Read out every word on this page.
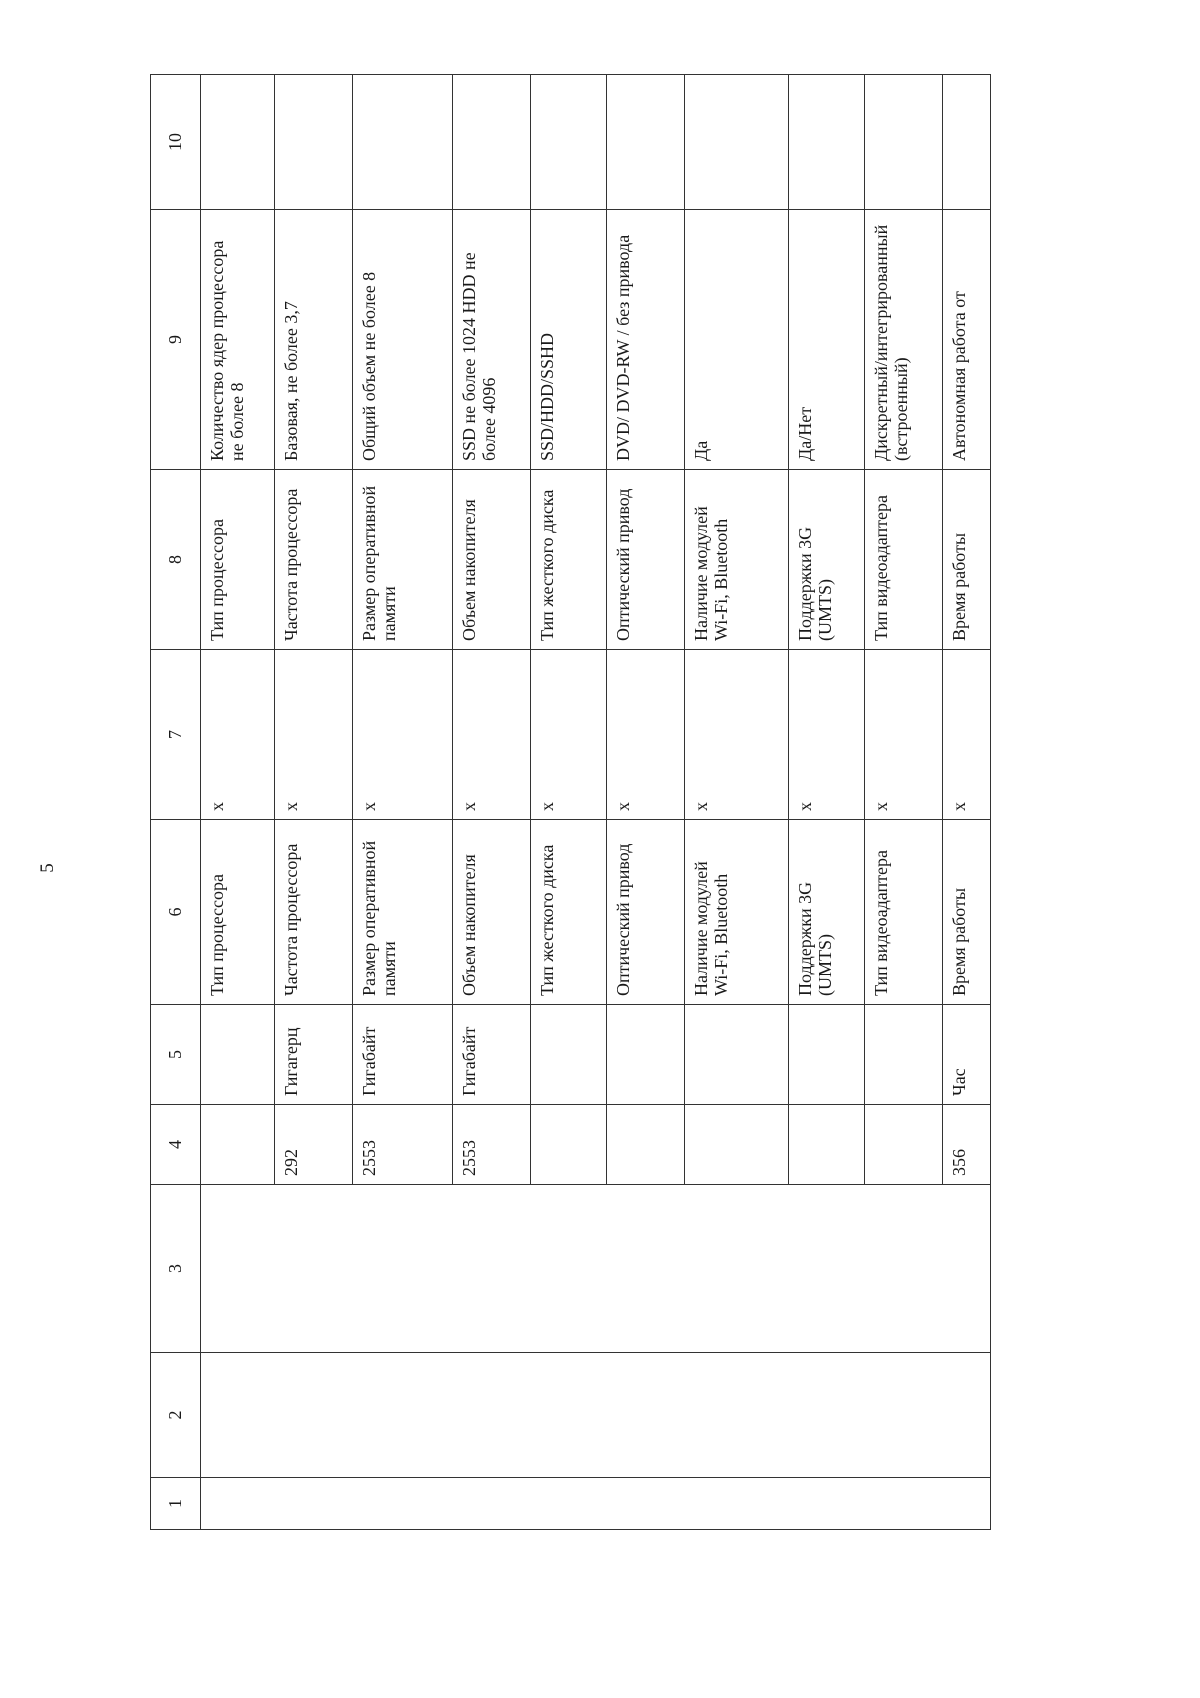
5
1	2	3	4	5	6	7	8	9	10
					Тип процессора	x	Тип процессора	Количество ядер процессора не более 8	
			292	Гигагерц	Частота процессора	x	Частота процессора	Базовая, не более 3,7	
			2553	Гигабайт	Размер оперативной памяти	x	Размер оперативной памяти	Общий объем не более 8	
			2553	Гигабайт	Объем накопителя	x	Объем накопителя	SSD не более 1024 HDD не более 4096	
					Тип жесткого диска	x	Тип жесткого диска	SSD/HDD/SSHD	
					Оптический привод	x	Оптический привод	DVD/ DVD-RW / без привода	
					Наличие модулей Wi-Fi, Bluetooth	x	Наличие модулей Wi-Fi, Bluetooth	Да	
					Поддержки 3G (UMTS)	x	Поддержки 3G (UMTS)	Да/Нет	
					Тип видеоадаптера	x	Тип видеоадаптера	Дискретный/интегрированный (встроенный)	
			356	Час	Время работы	x	Время работы	Автономная работа от	
